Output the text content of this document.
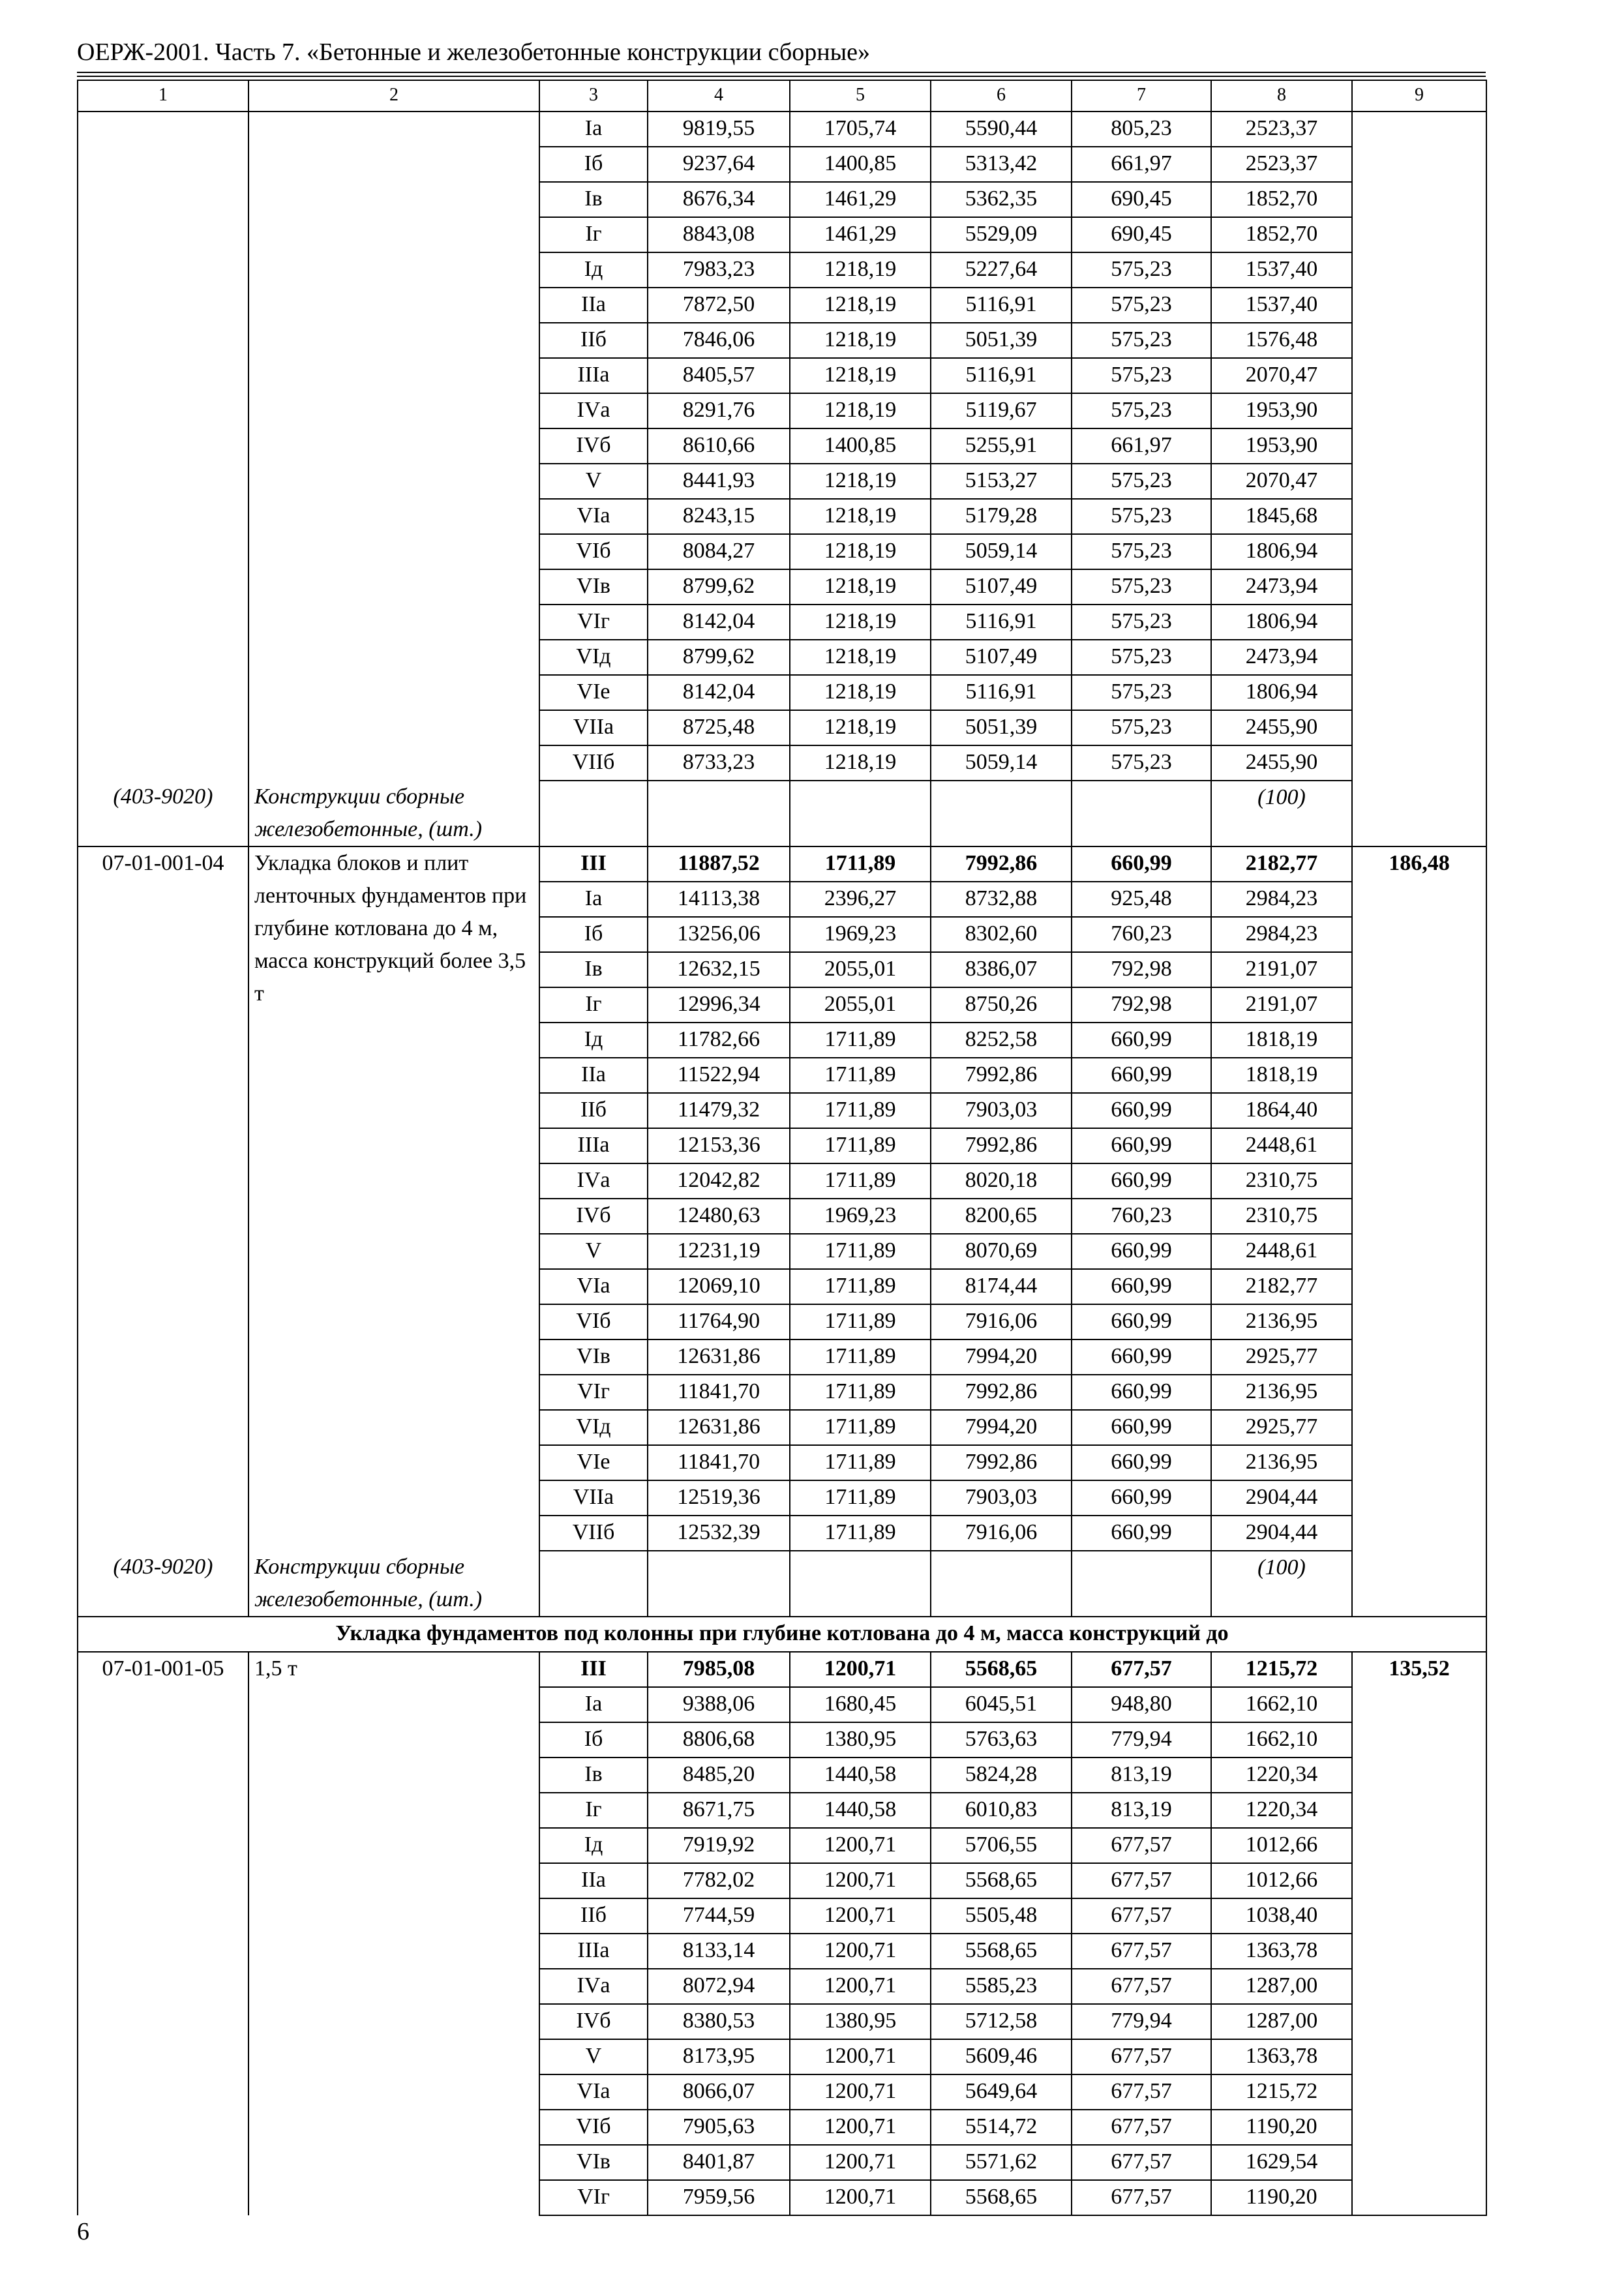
ОЕРЖ-2001. Часть 7. «Бетонные и железобетонные конструкции сборные»
1	2	3	4	5	6	7	8	9
		Iа	9819,55	1705,74	5590,44	805,23	2523,37	
		Iб	9237,64	1400,85	5313,42	661,97	2523,37	
		Iв	8676,34	1461,29	5362,35	690,45	1852,70	
		Iг	8843,08	1461,29	5529,09	690,45	1852,70	
		Iд	7983,23	1218,19	5227,64	575,23	1537,40	
		IIа	7872,50	1218,19	5116,91	575,23	1537,40	
		IIб	7846,06	1218,19	5051,39	575,23	1576,48	
		IIIа	8405,57	1218,19	5116,91	575,23	2070,47	
		IVа	8291,76	1218,19	5119,67	575,23	1953,90	
		IVб	8610,66	1400,85	5255,91	661,97	1953,90	
		V	8441,93	1218,19	5153,27	575,23	2070,47	
		VIа	8243,15	1218,19	5179,28	575,23	1845,68	
		VIб	8084,27	1218,19	5059,14	575,23	1806,94	
		VIв	8799,62	1218,19	5107,49	575,23	2473,94	
		VIг	8142,04	1218,19	5116,91	575,23	1806,94	
		VIд	8799,62	1218,19	5107,49	575,23	2473,94	
		VIе	8142,04	1218,19	5116,91	575,23	1806,94	
		VIIа	8725,48	1218,19	5051,39	575,23	2455,90	
		VIIб	8733,23	1218,19	5059,14	575,23	2455,90	
(403-9020)	Конструкции сборные железобетонные, (шт.)						(100)	
07-01-001-04	Укладка блоков и плит ленточных фундаментов при глубине котлована до 4 м, масса конструкций более 3,5 т	III	11887,52	1711,89	7992,86	660,99	2182,77	186,48
		Iа	14113,38	2396,27	8732,88	925,48	2984,23	
		Iб	13256,06	1969,23	8302,60	760,23	2984,23	
		Iв	12632,15	2055,01	8386,07	792,98	2191,07	
		Iг	12996,34	2055,01	8750,26	792,98	2191,07	
		Iд	11782,66	1711,89	8252,58	660,99	1818,19	
		IIа	11522,94	1711,89	7992,86	660,99	1818,19	
		IIб	11479,32	1711,89	7903,03	660,99	1864,40	
		IIIа	12153,36	1711,89	7992,86	660,99	2448,61	
		IVа	12042,82	1711,89	8020,18	660,99	2310,75	
		IVб	12480,63	1969,23	8200,65	760,23	2310,75	
		V	12231,19	1711,89	8070,69	660,99	2448,61	
		VIа	12069,10	1711,89	8174,44	660,99	2182,77	
		VIб	11764,90	1711,89	7916,06	660,99	2136,95	
		VIв	12631,86	1711,89	7994,20	660,99	2925,77	
		VIг	11841,70	1711,89	7992,86	660,99	2136,95	
		VIд	12631,86	1711,89	7994,20	660,99	2925,77	
		VIе	11841,70	1711,89	7992,86	660,99	2136,95	
		VIIа	12519,36	1711,89	7903,03	660,99	2904,44	
		VIIб	12532,39	1711,89	7916,06	660,99	2904,44	
(403-9020)	Конструкции сборные железобетонные, (шт.)						(100)	
Укладка фундаментов под колонны при глубине котлована до 4 м, масса конструкций до								
07-01-001-05	1,5 т	III	7985,08	1200,71	5568,65	677,57	1215,72	135,52
		Iа	9388,06	1680,45	6045,51	948,80	1662,10	
		Iб	8806,68	1380,95	5763,63	779,94	1662,10	
		Iв	8485,20	1440,58	5824,28	813,19	1220,34	
		Iг	8671,75	1440,58	6010,83	813,19	1220,34	
		Iд	7919,92	1200,71	5706,55	677,57	1012,66	
		IIа	7782,02	1200,71	5568,65	677,57	1012,66	
		IIб	7744,59	1200,71	5505,48	677,57	1038,40	
		IIIа	8133,14	1200,71	5568,65	677,57	1363,78	
		IVа	8072,94	1200,71	5585,23	677,57	1287,00	
		IVб	8380,53	1380,95	5712,58	779,94	1287,00	
		V	8173,95	1200,71	5609,46	677,57	1363,78	
		VIа	8066,07	1200,71	5649,64	677,57	1215,72	
		VIб	7905,63	1200,71	5514,72	677,57	1190,20	
		VIв	8401,87	1200,71	5571,62	677,57	1629,54	
		VIг	7959,56	1200,71	5568,65	677,57	1190,20	
6
